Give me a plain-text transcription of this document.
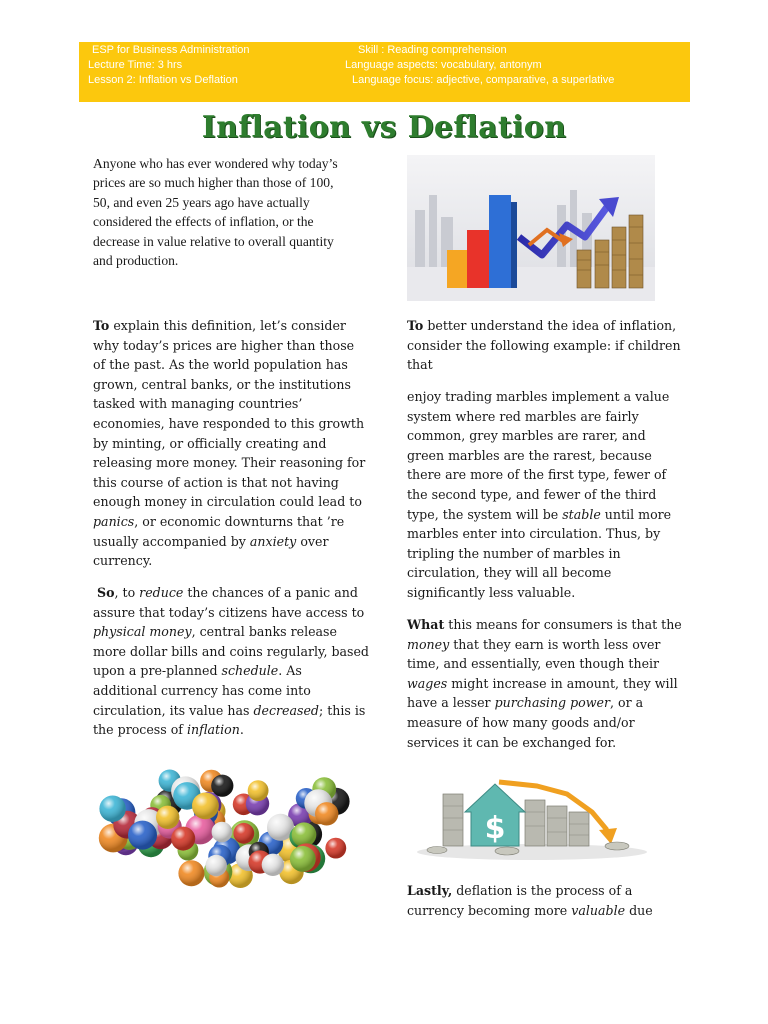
ESP for Business Administration	Skill : Reading comprehension
Lecture Time: 3 hrs	Language aspects: vocabulary, antonym
Lesson 2: Inflation vs Deflation	Language focus: adjective, comparative, a superlative
Inflation vs Deflation
Anyone who has ever wondered why today’s prices are so much higher than those of 100, 50, and even 25 years ago have actually considered the effects of inflation, or the decrease in value relative to overall quantity and production.
To explain this definition, let’s consider why today’s prices are higher than those of the past. As the world population has grown, central banks, or the institutions tasked with managing countries’ economies, have responded to this growth by minting, or officially creating and releasing more money. Their reasoning for this course of action is that not having enough money in circulation could lead to panics, or economic downturns that ’re usually accompanied by anxiety over currency.
So, to reduce the chances of a panic and assure that today’s citizens have access to physical money, central banks release more dollar bills and coins regularly, based upon a pre-planned schedule. As additional currency has come into circulation, its value has decreased; this is the process of inflation.
To better understand the idea of inflation, consider the following example: if children that
enjoy trading marbles implement a value system where red marbles are fairly common, grey marbles are rarer, and green marbles are the rarest, because there are more of the first type, fewer of the second type, and fewer of the third type, the system will be stable until more marbles enter into circulation. Thus, by tripling the number of marbles in circulation, they will all become significantly less valuable.
What this means for consumers is that the money that they earn is worth less over time, and essentially, even though their wages might increase in amount, they will have a lesser purchasing power, or a measure of how many goods and/or services it can be exchanged for.
$
Lastly, deflation is the process of a currency becoming more valuable due
